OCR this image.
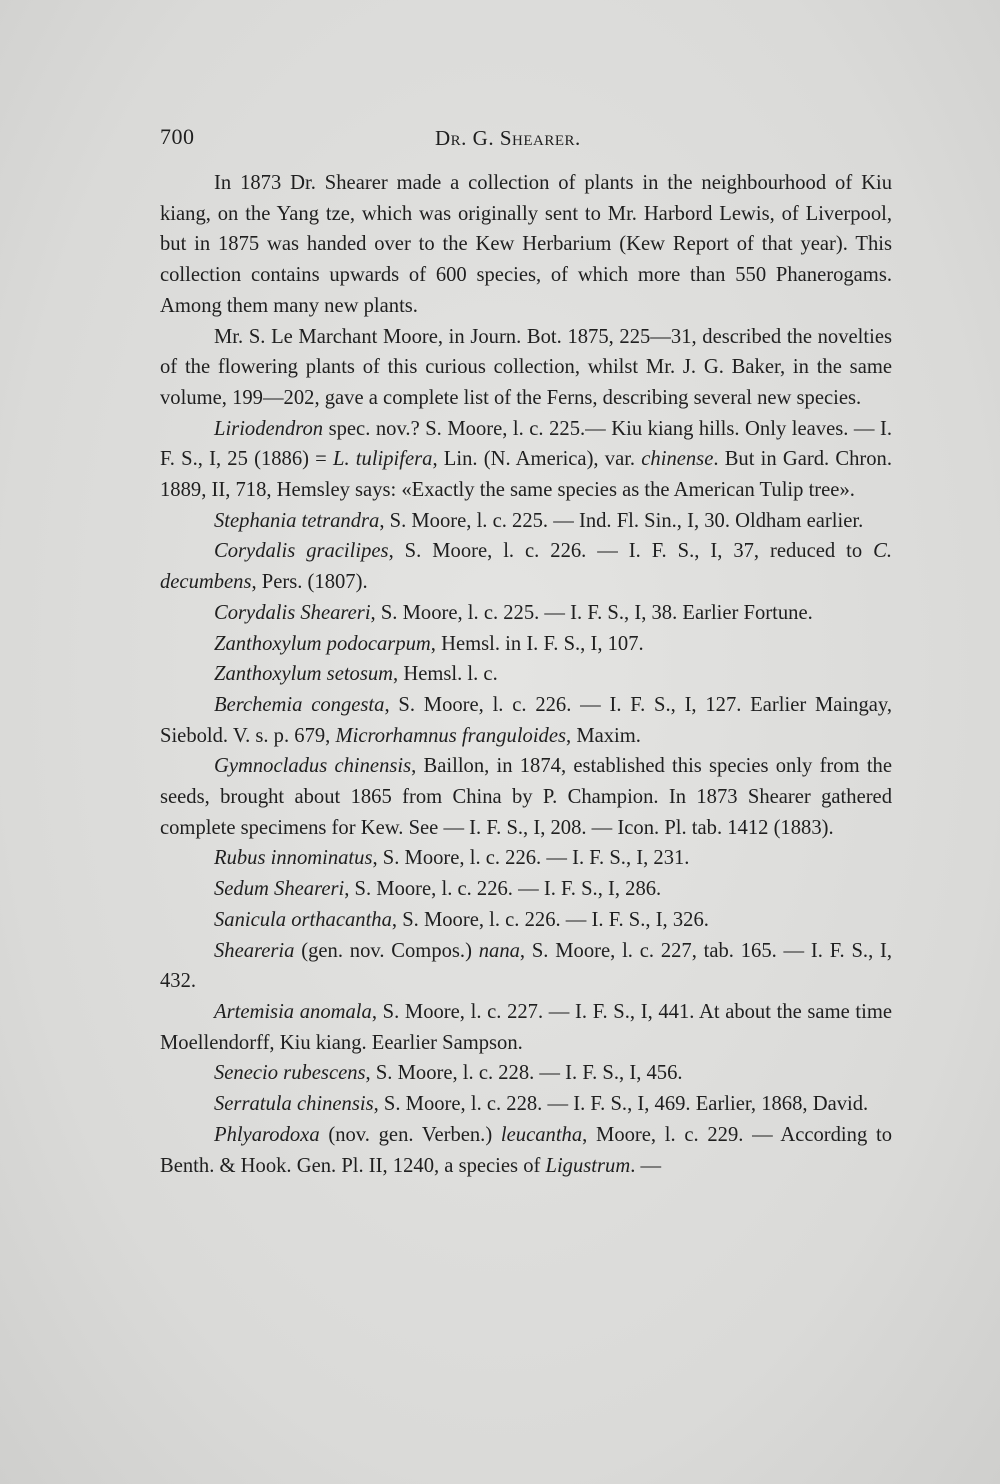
700	Dr. G. Shearer.

In 1873 Dr. Shearer made a collection of plants in the neighbourhood of Kiu kiang, on the Yang tze, which was originally sent to Mr. Harbord Lewis, of Liverpool, but in 1875 was handed over to the Kew Herbarium (Kew Report of that year). This collection contains upwards of 600 species, of which more than 550 Phanerogams. Among them many new plants.

Mr. S. Le Marchant Moore, in Journ. Bot. 1875, 225—31, described the novelties of the flowering plants of this curious collection, whilst Mr. J. G. Baker, in the same volume, 199—202, gave a complete list of the Ferns, describing several new species.

Liriodendron spec. nov.? S. Moore, l. c. 225.— Kiu kiang hills. Only leaves. — I. F. S., I, 25 (1886) = L. tulipifera, Lin. (N. America), var. chinense. But in Gard. Chron. 1889, II, 718, Hemsley says: «Exactly the same species as the American Tulip tree».

Stephania tetrandra, S. Moore, l. c. 225. — Ind. Fl. Sin., I, 30. Oldham earlier.

Corydalis gracilipes, S. Moore, l. c. 226. — I. F. S., I, 37, reduced to C. decumbens, Pers. (1807).

Corydalis Sheareri, S. Moore, l. c. 225. — I. F. S., I, 38. Earlier Fortune.

Zanthoxylum podocarpum, Hemsl. in I. F. S., I, 107.

Zanthoxylum setosum, Hemsl. l. c.

Berchemia congesta, S. Moore, l. c. 226. — I. F. S., I, 127. Earlier Maingay, Siebold. V. s. p. 679, Microrhamnus franguloides, Maxim.

Gymnocladus chinensis, Baillon, in 1874, established this species only from the seeds, brought about 1865 from China by P. Champion. In 1873 Shearer gathered complete specimens for Kew. See — I. F. S., I, 208. — Icon. Pl. tab. 1412 (1883).

Rubus innominatus, S. Moore, l. c. 226. — I. F. S., I, 231.

Sedum Sheareri, S. Moore, l. c. 226. — I. F. S., I, 286.

Sanicula orthacantha, S. Moore, l. c. 226. — I. F. S., I, 326.

Sheareria (gen. nov. Compos.) nana, S. Moore, l. c. 227, tab. 165. — I. F. S., I, 432.

Artemisia anomala, S. Moore, l. c. 227. — I. F. S., I, 441. At about the same time Moellendorff, Kiu kiang. Eearlier Sampson.

Senecio rubescens, S. Moore, l. c. 228. — I. F. S., I, 456.

Serratula chinensis, S. Moore, l. c. 228. — I. F. S., I, 469. Earlier, 1868, David.

Phlyarodoxa (nov. gen. Verben.) leucantha, Moore, l. c. 229. — According to Benth. & Hook. Gen. Pl. II, 1240, a species of Ligustrum. —
